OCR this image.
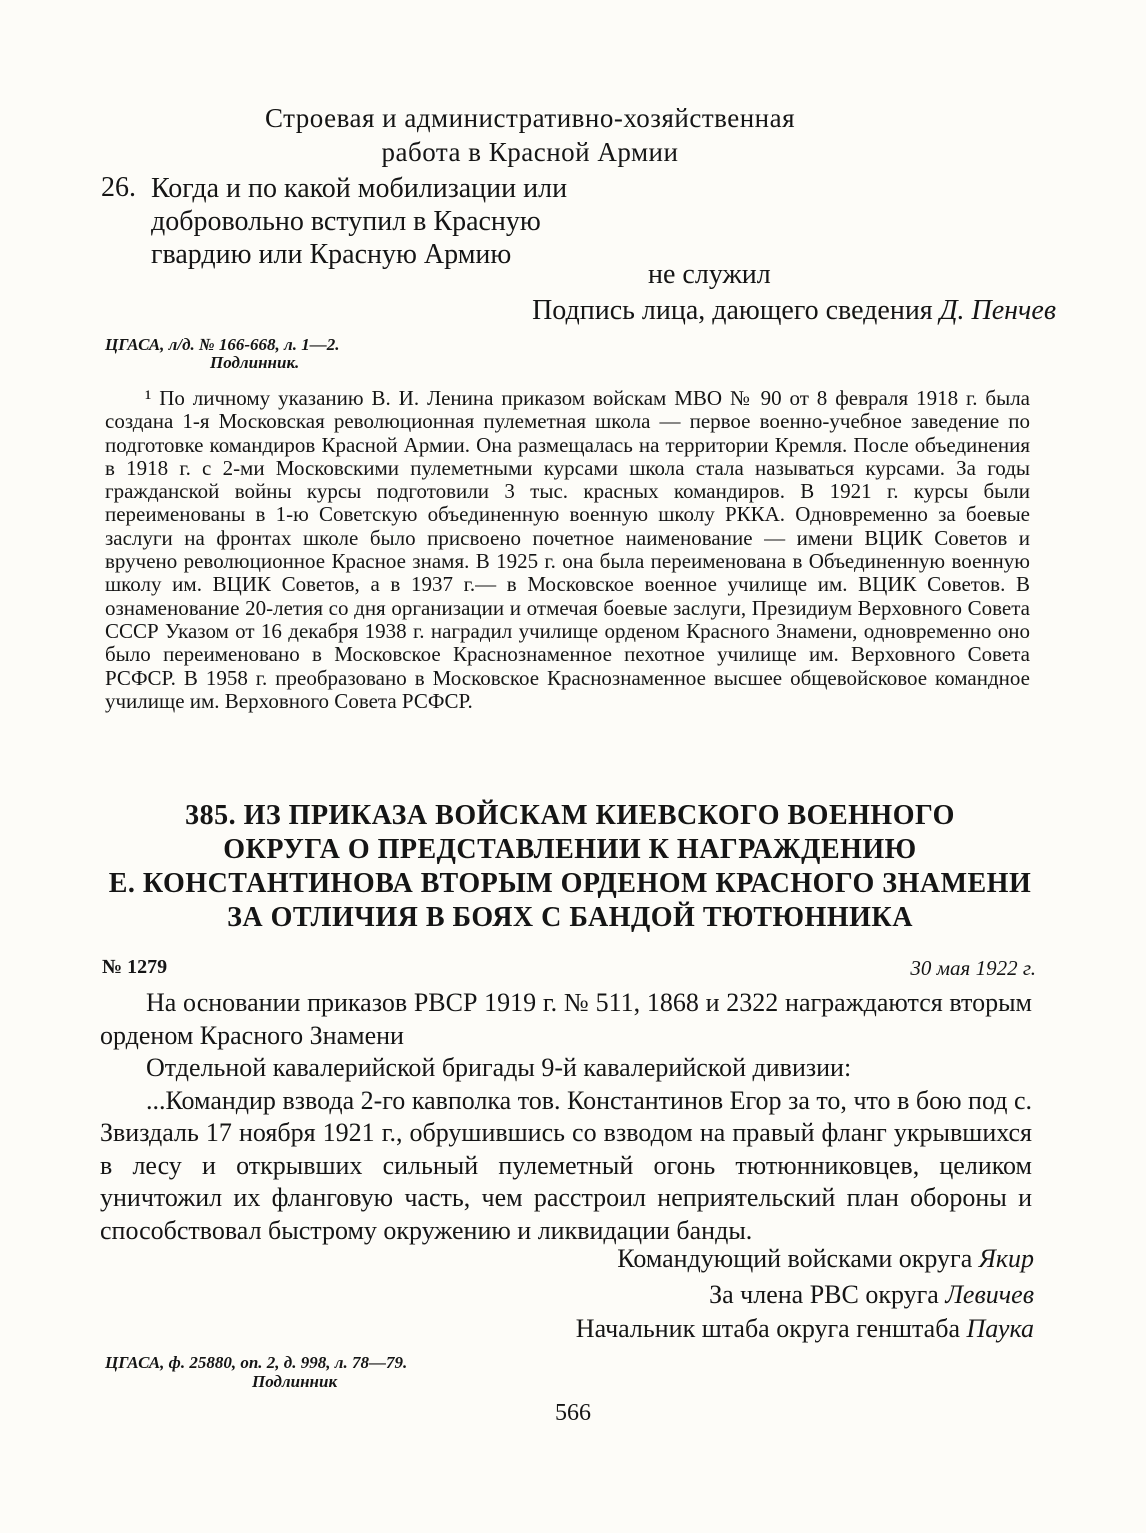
Строевая и административно-хозяйственная
работа в Красной Армии
26. Когда и по какой мобилизации или добровольно вступил в Красную гвардию или Красную Армию
не служил
Подпись лица, дающего сведения Д. Пенчев
ЦГАСА, л/д. № 166-668, л. 1—2.
Подлинник.

¹ По личному указанию В. И. Ленина приказом войскам МВО № 90 от 8 февраля 1918 г. была создана 1-я Московская революционная пулеметная школа — первое военно-учебное заведение по подготовке командиров Красной Армии. Она размещалась на территории Кремля. После объединения в 1918 г. с 2-ми Московскими пулеметными курсами школа стала называться курсами. За годы гражданской войны курсы подготовили 3 тыс. красных командиров. В 1921 г. курсы были переименованы в 1-ю Советскую объединенную военную школу РККА. Одновременно за боевые заслуги на фронтах школе было присвоено почетное наименование — имени ВЦИК Советов и вручено революционное Красное знамя. В 1925 г. она была переименована в Объединенную военную школу им. ВЦИК Советов, а в 1937 г.— в Московское военное училище им. ВЦИК Советов. В ознаменование 20-летия со дня организации и отмечая боевые заслуги, Президиум Верховного Совета СССР Указом от 16 декабря 1938 г. наградил училище орденом Красного Знамени, одновременно оно было переименовано в Московское Краснознаменное пехотное училище им. Верховного Совета РСФСР. В 1958 г. преобразовано в Московское Краснознаменное высшее общевойсковое командное училище им. Верховного Совета РСФСР.

385. ИЗ ПРИКАЗА ВОЙСКАМ КИЕВСКОГО ВОЕННОГО
ОКРУГА О ПРЕДСТАВЛЕНИИ К НАГРАЖДЕНИЮ
Е. КОНСТАНТИНОВА ВТОРЫМ ОРДЕНОМ КРАСНОГО ЗНАМЕНИ
ЗА ОТЛИЧИЯ В БОЯХ С БАНДОЙ ТЮТЮННИКА
№ 1279	30 мая 1922 г.

На основании приказов РВСР 1919 г. № 511, 1868 и 2322 награждаются вторым орденом Красного Знамени

Отдельной кавалерийской бригады 9-й кавалерийской дивизии:

...Командир взвода 2-го кавполка тов. Константинов Егор за то, что в бою под с. Звиздаль 17 ноября 1921 г., обрушившись со взводом на правый фланг укрывшихся в лесу и открывших сильный пулеметный огонь тютюнниковцев, целиком уничтожил их фланговую часть, чем расстроил неприятельский план обороны и способствовал быстрому окружению и ликвидации банды.

Командующий войсками округа Якир
За члена РВС округа Левичев
Начальник штаба округа генштаба Паука
ЦГАСА, ф. 25880, оп. 2, д. 998, л. 78—79.
Подлинник
566
